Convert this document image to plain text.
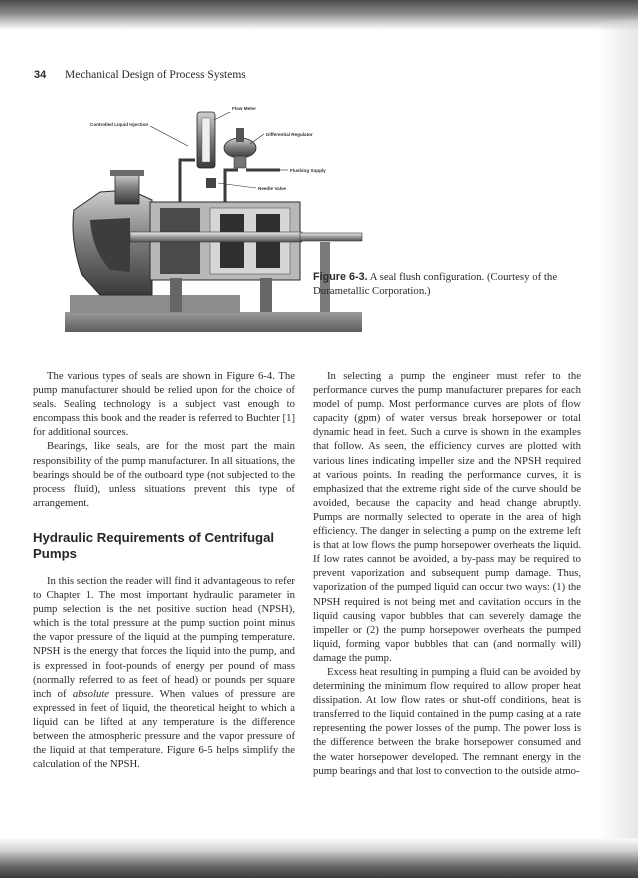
34 Mechanical Design of Process Systems
Flow Meter
Controlled Liquid Injection
Differential Regulator
Flushing Supply
Needle Valve
Figure 6-3. A seal flush configuration. (Courtesy of the Durametallic Corporation.)

The various types of seals are shown in Figure 6-4. The pump manufacturer should be relied upon for the choice of seals. Sealing technology is a subject vast enough to encompass this book and the reader is referred to Buchter [1] for additional sources.

Bearings, like seals, are for the most part the main responsibility of the pump manufacturer. In all situations, the bearings should be of the outboard type (not subjected to the process fluid), unless situations prevent this type of arrangement.

Hydraulic Requirements of Centrifugal Pumps

In this section the reader will find it advantageous to refer to Chapter 1. The most important hydraulic parameter in pump selection is the net positive suction head (NPSH), which is the total pressure at the pump suction point minus the vapor pressure of the liquid at the pumping temperature. NPSH is the energy that forces the liquid into the pump, and is expressed in foot-pounds of energy per pound of mass (normally referred to as feet of head) or pounds per square inch of absolute pressure. When values of pressure are expressed in feet of liquid, the theoretical height to which a liquid can be lifted at any temperature is the difference between the atmospheric pressure and the vapor pressure of the liquid at that temperature. Figure 6-5 helps simplify the calculation of the NPSH.

In selecting a pump the engineer must refer to the performance curves the pump manufacturer prepares for each model of pump. Most performance curves are plots of flow capacity (gpm) of water versus break horsepower or total dynamic head in feet. Such a curve is shown in the examples that follow. As seen, the efficiency curves are plotted with various lines indicating impeller size and the NPSH required at various points. In reading the performance curves, it is emphasized that the extreme right side of the curve should be avoided, because the capacity and head change abruptly. Pumps are normally selected to operate in the area of high efficiency. The danger in selecting a pump on the extreme left is that at low flows the pump horsepower overheats the liquid. If low rates cannot be avoided, a by-pass may be required to prevent vaporization and subsequent pump damage. Thus, vaporization of the pumped liquid can occur two ways: (1) the NPSH required is not being met and cavitation occurs in the liquid causing vapor bubbles that can severely damage the impeller or (2) the pump horsepower overheats the pumped liquid, forming vapor bubbles that can (and normally will) damage the pump.

Excess heat resulting in pumping a fluid can be avoided by determining the minimum flow required to allow proper heat dissipation. At low flow rates or shut-off conditions, heat is transferred to the liquid contained in the pump casing at a rate representing the power losses of the pump. The power loss is the difference between the brake horsepower consumed and the water horsepower developed. The remnant energy in the pump bearings and that lost to convection to the outside atmo-
